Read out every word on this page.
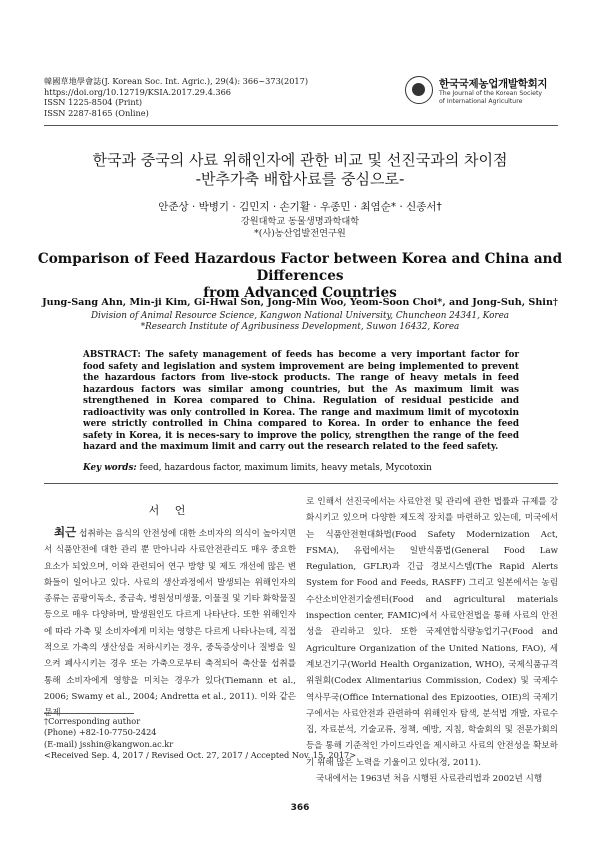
韓國草地學會誌(J. Korean Soc. Int. Agric.), 29(4): 366~373(2017)
https://doi.org/10.12719/KSIA.2017.29.4.366
ISSN 1225-8504 (Print)
ISSN 2287-8165 (Online)
한국국제농업개발학회지
The Journal of the Korean Society
of International Agriculture
한국과 중국의 사료 위해인자에 관한 비교 및 선진국과의 차이점
-반추가축 배합사료를 중심으로-
안준상 · 박병기 · 김민지 · 손기활 · 우종민 · 최염순* · 신종서†
강원대학교 동물생명과학대학
*(사)농산업발전연구원
Comparison of Feed Hazardous Factor between Korea and China and Differences
from Advanced Countries
Jung-Sang Ahn, Min-ji Kim, Gi-Hwal Son, Jong-Min Woo, Yeom-Soon Choi*, and Jong-Suh, Shin†
Division of Animal Resource Science, Kangwon National University, Chuncheon 24341, Korea
*Research Institute of Agribusiness Development, Suwon 16432, Korea
ABSTRACT: The safety management of feeds has become a very important factor for food safety and legislation and system improvement are being implemented to prevent the hazardous factors from live-stock products. The range of heavy metals in feed hazardous factors was similar among countries, but the As maximum limit was strengthened in Korea compared to China. Regulation of residual pesticide and radioactivity was only controlled in Korea. The range and maximum limit of mycotoxin were strictly controlled in China compared to Korea. In order to enhance the feed safety in Korea, it is neces-sary to improve the policy, strengthen the range of the feed hazard and the maximum limit and carry out the research related to the feed safety.
Key words: feed, hazardous factor, maximum limits, heavy metals, Mycotoxin
서 언
최근 섭취하는 음식의 안전성에 대한 소비자의 의식이 높아지면서 식품안전에 대한 관리 뿐 만아니라 사료안전관리도 매우 중요한 요소가 되었으며, 이와 관련되어 연구 방향 및 제도 개선에 많은 변화들이 일어나고 있다. 사료의 생산과정에서 발생되는 위해인자의 종류는 곰팡이독소, 중금속, 병원성미생물, 이물질 및 기타 화학물질 등으로 매우 다양하며, 발생원인도 다르게 나타난다. 또한 위해인자에 따라 가축 및 소비자에게 미치는 영향은 다르게 나타나는데, 직접적으로 가축의 생산성을 저하시키는 경우, 중독증상이나 질병을 일으켜 폐사시키는 경우 또는 가축으로부터 축적되어 축산물 섭취를 통해 소비자에게 영향을 미치는 경우가 있다(Tiemann et al., 2006; Swamy et al., 2004; Andretta et al., 2011). 이와 같은 문제
로 인해서 선진국에서는 사료안전 및 관리에 관한 법률과 규제를 강화시키고 있으며 다양한 제도적 장치를 마련하고 있는데, 미국에서는 식품안전현대화법(Food Safety Modernization Act, FSMA), 유럽에서는 일반식품법(General Food Law Regulation, GFLR)과 긴급 경보시스템(The Rapid Alerts System for Food and Feeds, RASFF) 그리고 일본에서는 농림수산소비안전기술센터(Food and agricultural materials inspection center, FAMIC)에서 사료안전법을 통해 사료의 안전성을 관리하고 있다. 또한 국제연합식량농업기구(Food and Agriculture Organization of the United Nations, FAO), 세계보건기구(World Health Organization, WHO), 국제식품규격위원회(Codex Alimentarius Commission, Codex) 및 국제수역사무국(Office International des Epizooties, OIE)의 국제기구에서는 사료안전과 관련하여 위해인자 탐색, 분석법 개발, 자료수집, 자료분석, 기술교류, 정책, 예방, 지침, 학술회의 및 전문가회의 등을 통해 기준적인 가이드라인을 제시하고 사료의 안전성을 확보하기 위해 많은 노력을 기울이고 있다(정, 2011).
국내에서는 1963년 처음 시행된 사료관리법과 2002년 시행
†Corresponding author
(Phone) +82-10-7750-2424
(E-mail) jsshin@kangwon.ac.kr
<Received Sep. 4, 2017 / Revised Oct. 27, 2017 / Accepted Nov. 15, 2017>
366
